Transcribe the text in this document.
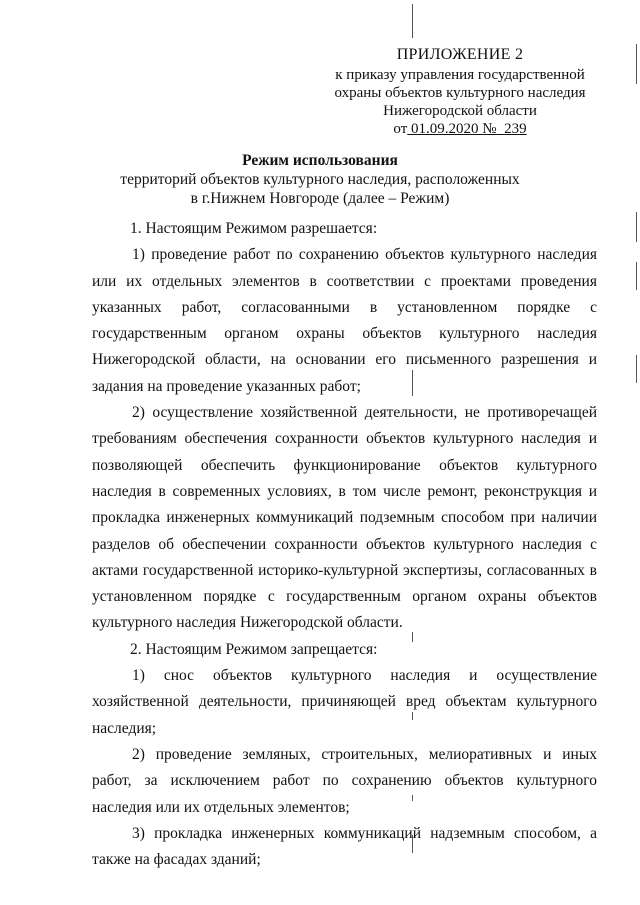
ПРИЛОЖЕНИЕ 2
к приказу управления государственной
охраны объектов культурного наследия
Нижегородской области
от 01.09.2020 № 239
Режим использования
территорий объектов культурного наследия, расположенных
в г.Нижнем Новгороде (далее – Режим)

1. Настоящим Режимом разрешается:

1) проведение работ по сохранению объектов культурного наследия или их отдельных элементов в соответствии с проектами проведения указанных работ, согласованными в установленном порядке с государственным органом охраны объектов культурного наследия Нижегородской области, на основании его письменного разрешения и задания на проведение указанных работ;

2) осуществление хозяйственной деятельности, не противоречащей требованиям обеспечения сохранности объектов культурного наследия и позволяющей обеспечить функционирование объектов культурного наследия в современных условиях, в том числе ремонт, реконструкция и прокладка инженерных коммуникаций подземным способом при наличии разделов об обеспечении сохранности объектов культурного наследия с актами государственной историко-культурной экспертизы, согласованных в установленном порядке с государственным органом охраны объектов культурного наследия Нижегородской области.

2. Настоящим Режимом запрещается:

1) снос объектов культурного наследия и осуществление хозяйственной деятельности, причиняющей вред объектам культурного наследия;

2) проведение земляных, строительных, мелиоративных и иных работ, за исключением работ по сохранению объектов культурного наследия или их отдельных элементов;

3) прокладка инженерных коммуникаций надземным способом, а также на фасадах зданий;
